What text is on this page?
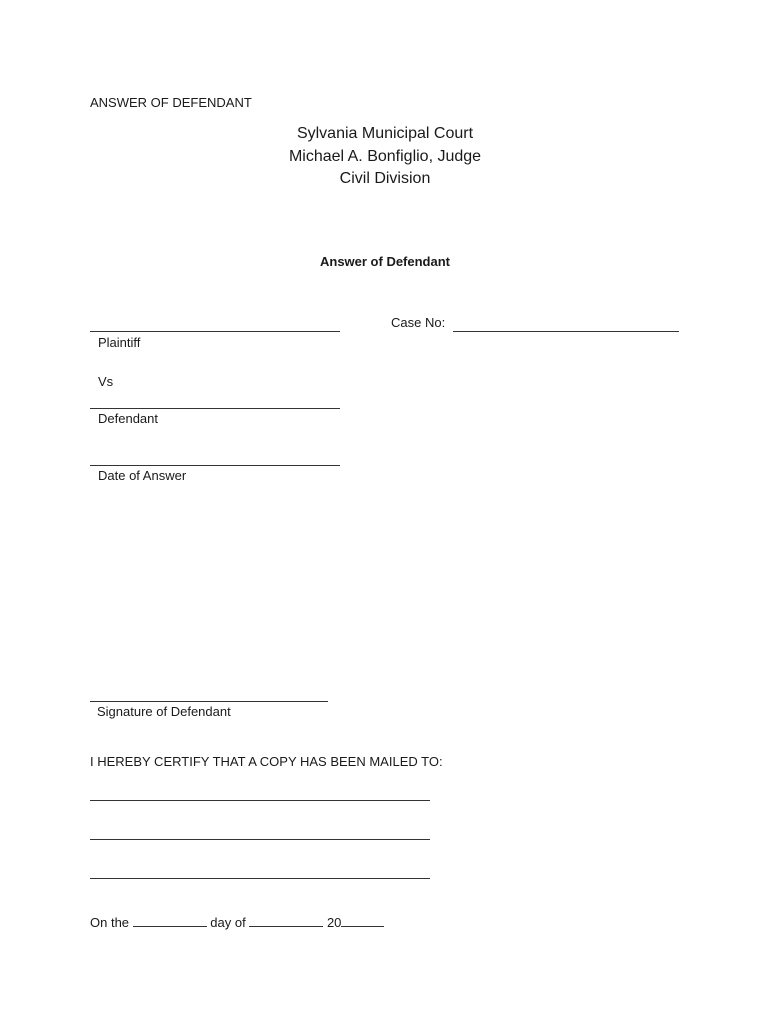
ANSWER OF DEFENDANT
Sylvania Municipal Court
Michael A. Bonfiglio, Judge
Civil Division
Answer of Defendant
Case No:
Plaintiff
Vs
Defendant
Date of Answer
Signature of Defendant
I HEREBY CERTIFY THAT A COPY HAS BEEN MAILED TO:
On the	day of	20
